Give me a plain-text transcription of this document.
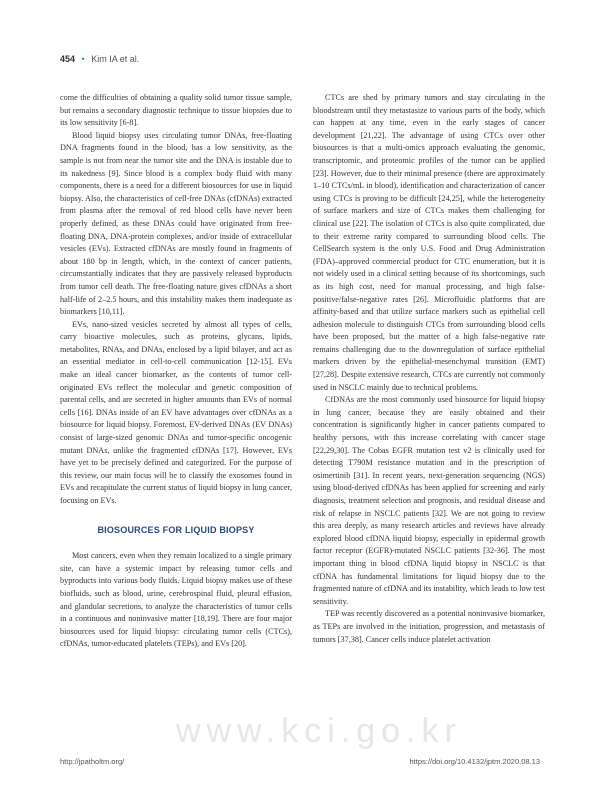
454 • Kim IA et al.

come the difficulties of obtaining a quality solid tumor tissue sample, but remains a secondary diagnostic technique to tissue biopsies due to its low sensitivity [6-8].

Blood liquid biopsy uses circulating tumor DNAs, free-floating DNA fragments found in the blood, has a low sensitivity, as the sample is not from near the tumor site and the DNA is instable due to its nakedness [9]. Since blood is a complex body fluid with many components, there is a need for a different biosources for use in liquid biopsy. Also, the characteristics of cell-free DNAs (cfDNAs) extracted from plasma after the removal of red blood cells have never been properly defined, as these DNAs could have originated from free-floating DNA, DNA-protein complexes, and/or inside of extracellular vesicles (EVs). Extracted cfDNAs are mostly found in fragments of about 180 bp in length, which, in the context of cancer patients, circumstantially indicates that they are passively released byproducts from tumor cell death. The free-floating nature gives cfDNAs a short half-life of 2–2.5 hours, and this instability makes them inadequate as biomarkers [10,11].

EVs, nano-sized vesicles secreted by almost all types of cells, carry bioactive molecules, such as proteins, glycans, lipids, metabolites, RNAs, and DNAs, enclosed by a lipid bilayer, and act as an essential mediator in cell-to-cell communication [12-15]. EVs make an ideal cancer biomarker, as the contents of tumor cell-originated EVs reflect the molecular and genetic composition of parental cells, and are secreted in higher amounts than EVs of normal cells [16]. DNAs inside of an EV have advantages over cfDNAs as a biosource for liquid biopsy. Foremost, EV-derived DNAs (EV DNAs) consist of large-sized genomic DNAs and tumor-specific oncogenic mutant DNAs, unlike the fragmented cfDNAs [17]. However, EVs have yet to be precisely defined and categorized. For the purpose of this review, our main focus will be to classify the exosomes found in EVs and recapitulate the current status of liquid biopsy in lung cancer, focusing on EVs.

BIOSOURCES FOR LIQUID BIOPSY

Most cancers, even when they remain localized to a single primary site, can have a systemic impact by releasing tumor cells and byproducts into various body fluids. Liquid biopsy makes use of these biofluids, such as blood, urine, cerebrospinal fluid, pleural effusion, and glandular secretions, to analyze the characteristics of tumor cells in a continuous and noninvasive matter [18,19]. There are four major biosources used for liquid biopsy: circulating tumor cells (CTCs), cfDNAs, tumor-educated platelets (TEPs), and EVs [20].

CTCs are shed by primary tumors and stay circulating in the bloodstream until they metastasize to various parts of the body, which can happen at any time, even in the early stages of cancer development [21,22]. The advantage of using CTCs over other biosources is that a multi-omics approach evaluating the genomic, transcriptomic, and proteomic profiles of the tumor can be applied [23]. However, due to their minimal presence (there are approximately 1–10 CTCs/mL in blood), identification and characterization of cancer using CTCs is proving to be difficult [24,25], while the heterogeneity of surface markers and size of CTCs makes them challenging for clinical use [22]. The isolation of CTCs is also quite complicated, due to their extreme rarity compared to surrounding blood cells. The CellSearch system is the only U.S. Food and Drug Administration (FDA)–approved commercial product for CTC enumeration, but it is not widely used in a clinical setting because of its shortcomings, such as its high cost, need for manual processing, and high false-positive/false-negative rates [26]. Microfluidic platforms that are affinity-based and that utilize surface markers such as epithelial cell adhesion molecule to distinguish CTCs from surrounding blood cells have been proposed, but the matter of a high false-negative rate remains challenging due to the downregulation of surface epithelial markers driven by the epithelial-mesenchymal transition (EMT) [27,28]. Despite extensive research, CTCs are currently not commonly used in NSCLC mainly due to technical problems.

CfDNAs are the most commonly used biosource for liquid biopsy in lung cancer, because they are easily obtained and their concentration is significantly higher in cancer patients compared to healthy persons, with this increase correlating with cancer stage [22,29,30]. The Cobas EGFR mutation test v2 is clinically used for detecting T790M resistance mutation and in the prescription of osimertinib [31]. In recent years, next-generation sequencing (NGS) using blood-derived cfDNAs has been applied for screening and early diagnosis, treatment selection and prognosis, and residual disease and risk of relapse in NSCLC patients [32]. We are not going to review this area deeply, as many research articles and reviews have already explored blood cfDNA liquid biopsy, especially in epidermal growth factor receptor (EGFR)-mutated NSCLC patients [32-36]. The most important thing in blood cfDNA liquid biopsy in NSCLC is that cfDNA has fundamental limitations for liquid biopsy due to the fragmented nature of cfDNA and its instability, which leads to low test sensitivity.

TEP was recently discovered as a potential noninvasive biomarker, as TEPs are involved in the initiation, progression, and metastasis of tumors [37,38]. Cancer cells induce platelet activation

www.kci.go.kr
http://jpatholtm.org/	https://doi.org/10.4132/jptm.2020.08.13
